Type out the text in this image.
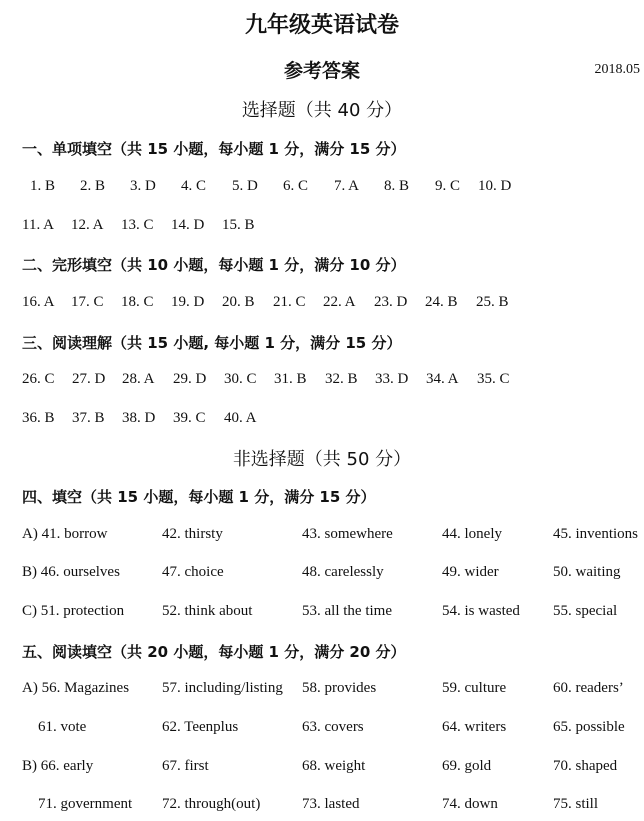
九年级英语试卷
参考答案	2018.05
选择题（共 40 分）
一、单项填空（共 15 小题，每小题 1 分，满分 15 分）
1. B 2. B 3. D 4. C 5. D 6. C 7. A 8. B 9. C 10. D
11. A 12. A 13. C 14. D 15. B
二、完形填空（共 10 小题，每小题 1 分，满分 10 分）
16. A 17. C 18. C 19. D 20. B 21. C 22. A 23. D 24. B 25. B
三、阅读理解（共 15 小题, 每小题 1 分，满分 15 分）
26. C 27. D 28. A 29. D 30. C 31. B 32. B 33. D 34. A 35. C
36. B 37. B 38. D 39. C 40. A
非选择题（共 50 分）
四、填空（共 15 小题，每小题 1 分，满分 15 分）
A) 41. borrow	42. thirsty	43. somewhere	44. lonely	45. inventions
B) 46. ourselves	47. choice	48. carelessly	49. wider	50. waiting
C) 51. protection	52. think about	53. all the time	54. is wasted 55. special
五、阅读填空（共 20 小题，每小题 1 分，满分 20 分）
A) 56. Magazines 57. including/listing 58. provides	59. culture	60. readers’
61. vote	62. Teenplus	63. covers	64. writers	65. possible
B) 66. early	67. first	68. weight	69. gold	70. shaped
71. government 72. through(out)	73. lasted	74. down	75. still
